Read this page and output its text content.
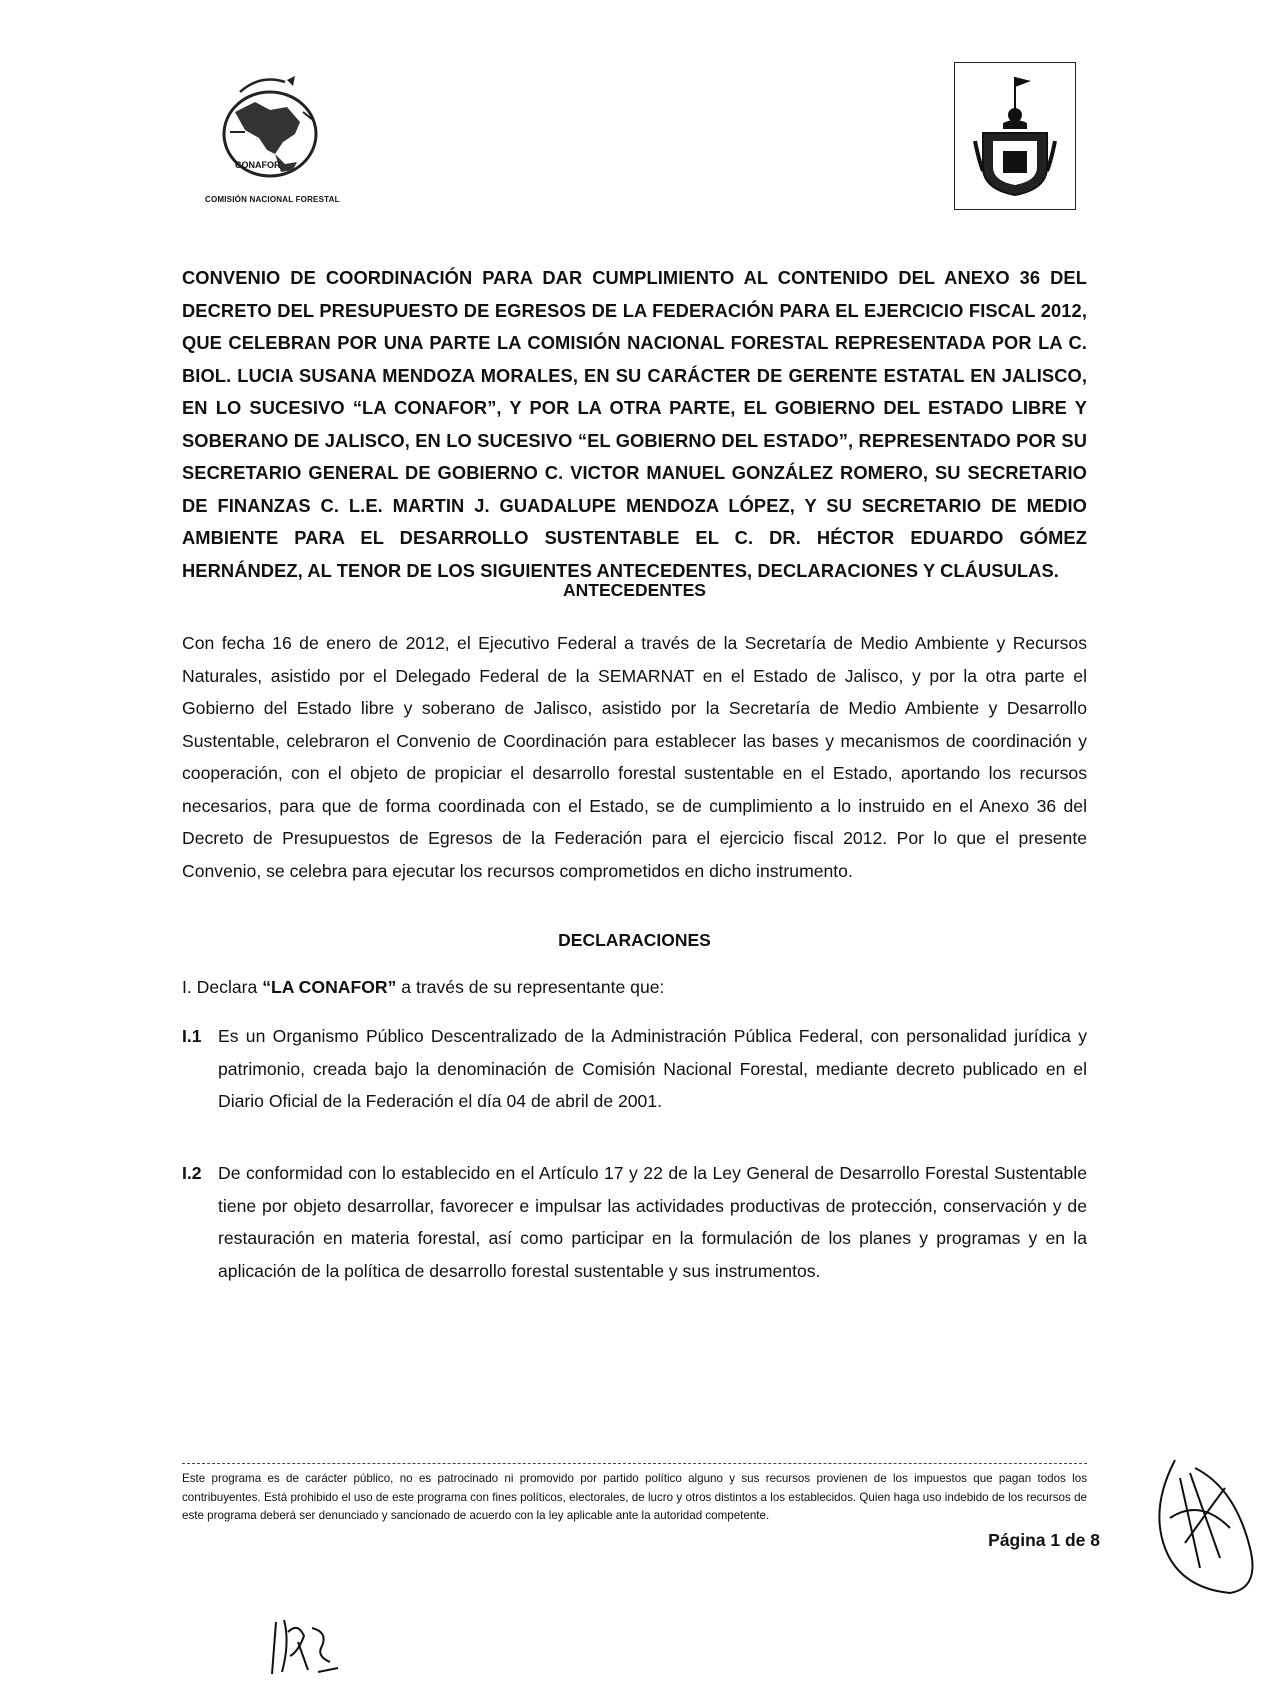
CONAFOR
COMISIÓN NACIONAL FORESTAL
CONVENIO DE COORDINACIÓN PARA DAR CUMPLIMIENTO AL CONTENIDO DEL ANEXO 36 DEL DECRETO DEL PRESUPUESTO DE EGRESOS DE LA FEDERACIÓN PARA EL EJERCICIO FISCAL 2012, QUE CELEBRAN POR UNA PARTE LA COMISIÓN NACIONAL FORESTAL REPRESENTADA POR LA C. BIOL. LUCIA SUSANA MENDOZA MORALES, EN SU CARÁCTER DE GERENTE ESTATAL EN JALISCO, EN LO SUCESIVO “LA CONAFOR”, Y POR LA OTRA PARTE, EL GOBIERNO DEL ESTADO LIBRE Y SOBERANO DE JALISCO, EN LO SUCESIVO “EL GOBIERNO DEL ESTADO”, REPRESENTADO POR SU SECRETARIO GENERAL DE GOBIERNO C. VICTOR MANUEL GONZÁLEZ ROMERO, SU SECRETARIO DE FINANZAS C. L.E. MARTIN J. GUADALUPE MENDOZA LÓPEZ, Y SU SECRETARIO DE MEDIO AMBIENTE PARA EL DESARROLLO SUSTENTABLE EL C. DR. HÉCTOR EDUARDO GÓMEZ HERNÁNDEZ, AL TENOR DE LOS SIGUIENTES ANTECEDENTES, DECLARACIONES Y CLÁUSULAS.
ANTECEDENTES
Con fecha 16 de enero de 2012, el Ejecutivo Federal a través de la Secretaría de Medio Ambiente y Recursos Naturales, asistido por el Delegado Federal de la SEMARNAT en el Estado de Jalisco, y por la otra parte el Gobierno del Estado libre y soberano de Jalisco, asistido por la Secretaría de Medio Ambiente y Desarrollo Sustentable, celebraron el Convenio de Coordinación para establecer las bases y mecanismos de coordinación y cooperación, con el objeto de propiciar el desarrollo forestal sustentable en el Estado, aportando los recursos necesarios, para que de forma coordinada con el Estado, se de cumplimiento a lo instruido en el Anexo 36 del Decreto de Presupuestos de Egresos de la Federación para el ejercicio fiscal 2012. Por lo que el presente Convenio, se celebra para ejecutar los recursos comprometidos en dicho instrumento.
DECLARACIONES
I. Declara “LA CONAFOR” a través de su representante que:
I.1 Es un Organismo Público Descentralizado de la Administración Pública Federal, con personalidad jurídica y patrimonio, creada bajo la denominación de Comisión Nacional Forestal, mediante decreto publicado en el Diario Oficial de la Federación el día 04 de abril de 2001.
I.2 De conformidad con lo establecido en el Artículo 17 y 22 de la Ley General de Desarrollo Forestal Sustentable tiene por objeto desarrollar, favorecer e impulsar las actividades productivas de protección, conservación y de restauración en materia forestal, así como participar en la formulación de los planes y programas y en la aplicación de la política de desarrollo forestal sustentable y sus instrumentos.
Este programa es de carácter público, no es patrocinado ni promovido por partido político alguno y sus recursos provienen de los impuestos que pagan todos los contribuyentes. Está prohibido el uso de este programa con fines políticos, electorales, de lucro y otros distintos a los establecidos. Quien haga uso indebido de los recursos de este programa deberá ser denunciado y sancionado de acuerdo con la ley aplicable ante la autoridad competente.
Página 1 de 8
